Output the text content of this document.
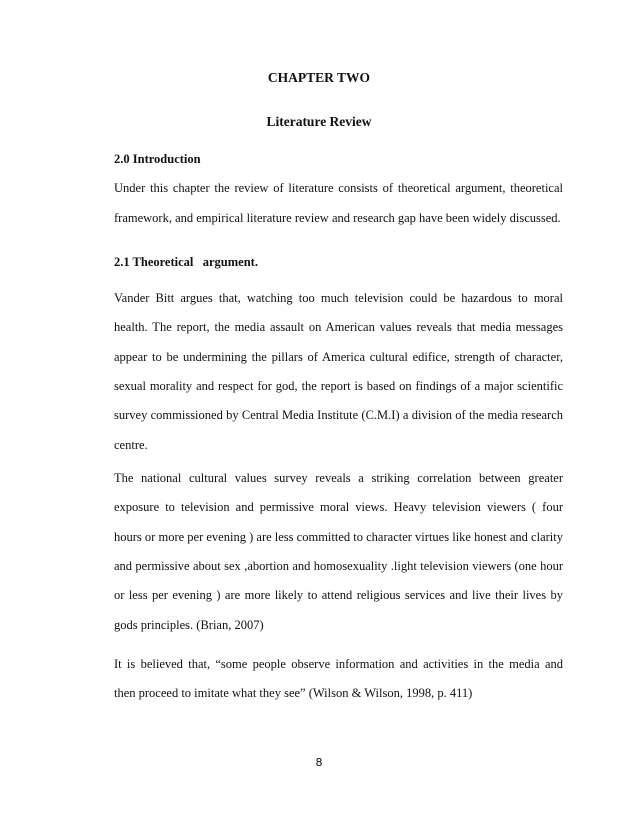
CHAPTER TWO
Literature Review
2.0 Introduction
Under this chapter the review of literature consists of theoretical argument, theoretical
framework, and empirical literature review and research gap have been widely discussed.
2.1 Theoretical   argument.
Vander Bitt argues that, watching too much television could be hazardous to moral
health. The report, the media assault on American values reveals that media messages
appear to be undermining the pillars of America cultural edifice, strength of character,
sexual morality and respect for god, the report is based on findings of a major scientific
survey commissioned by Central Media Institute (C.M.I) a division of the media research
centre.
The national cultural values survey reveals a striking correlation between greater
exposure to television and permissive moral views. Heavy television viewers ( four
hours or more per evening ) are less committed to character virtues like honest and clarity
and permissive about sex ,abortion and homosexuality .light television viewers (one hour
or less per evening ) are more likely to attend religious services and live their lives by
gods principles. (Brian, 2007)
It is believed that, “some people observe information and activities in the media and
then proceed to imitate what they see” (Wilson & Wilson, 1998, p. 411)
8
